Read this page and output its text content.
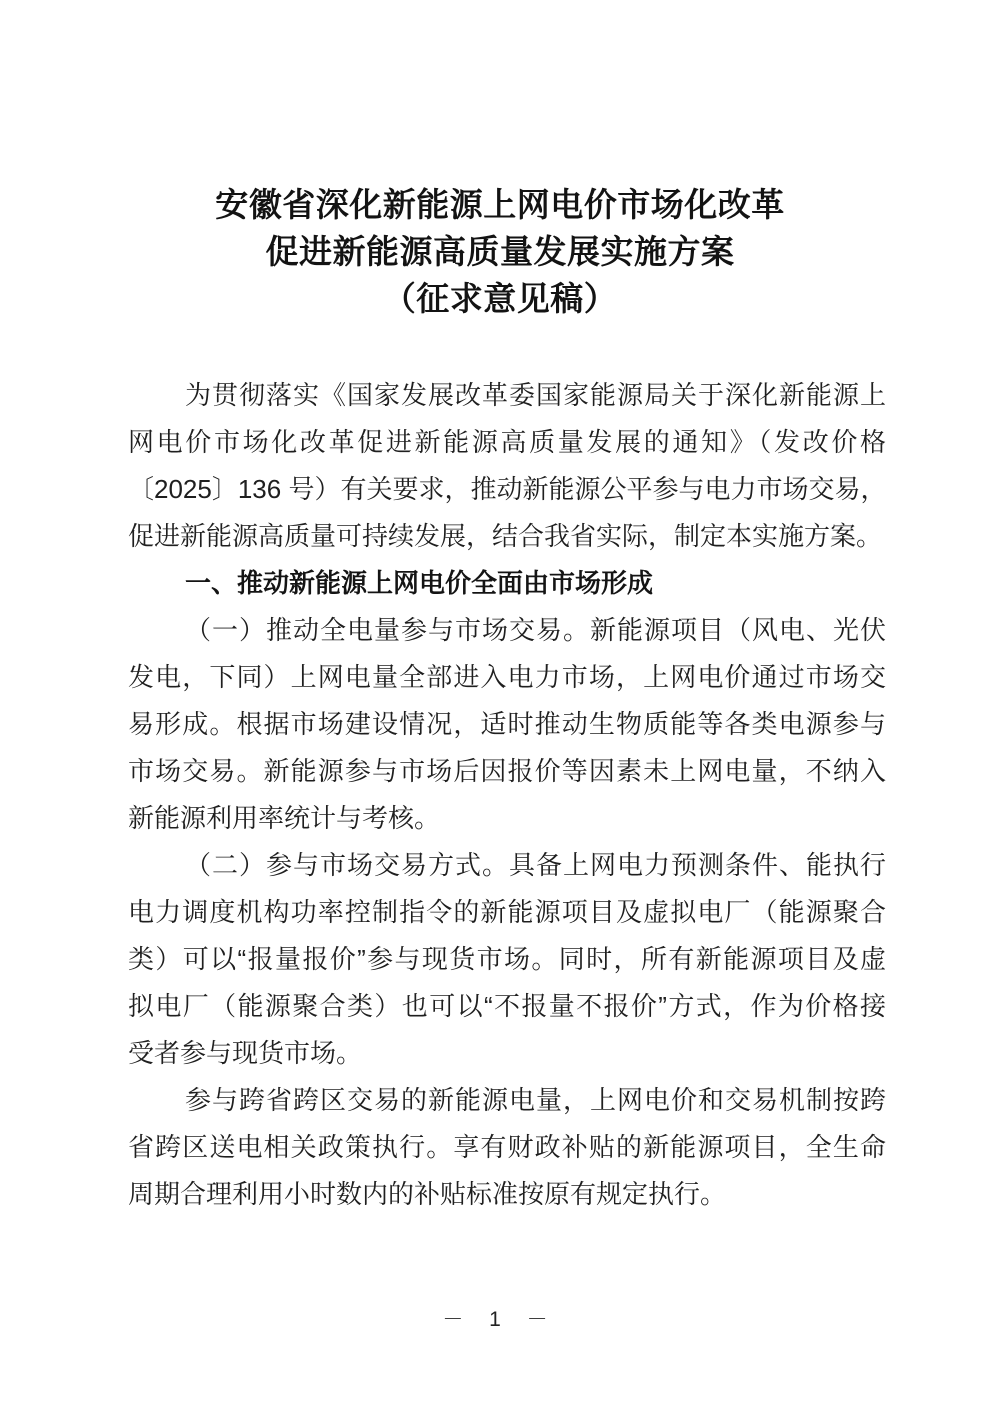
安徽省深化新能源上网电价市场化改革
促进新能源高质量发展实施方案
（征求意见稿）
为贯彻落实《国家发展改革委国家能源局关于深化新能源上
网电价市场化改革促进新能源高质量发展的通知》（发改价格
〔2025〕136 号）有关要求，推动新能源公平参与电力市场交易，
促进新能源高质量可持续发展，结合我省实际，制定本实施方案。
一、推动新能源上网电价全面由市场形成
（一）推动全电量参与市场交易。新能源项目（风电、光伏
发电，下同）上网电量全部进入电力市场，上网电价通过市场交
易形成。根据市场建设情况，适时推动生物质能等各类电源参与
市场交易。新能源参与市场后因报价等因素未上网电量，不纳入
新能源利用率统计与考核。
（二）参与市场交易方式。具备上网电力预测条件、能执行
电力调度机构功率控制指令的新能源项目及虚拟电厂（能源聚合
类）可以“报量报价”参与现货市场。同时，所有新能源项目及虚
拟电厂（能源聚合类）也可以“不报量不报价”方式，作为价格接
受者参与现货市场。
参与跨省跨区交易的新能源电量，上网电价和交易机制按跨
省跨区送电相关政策执行。享有财政补贴的新能源项目，全生命
周期合理利用小时数内的补贴标准按原有规定执行。
－ 1 －
